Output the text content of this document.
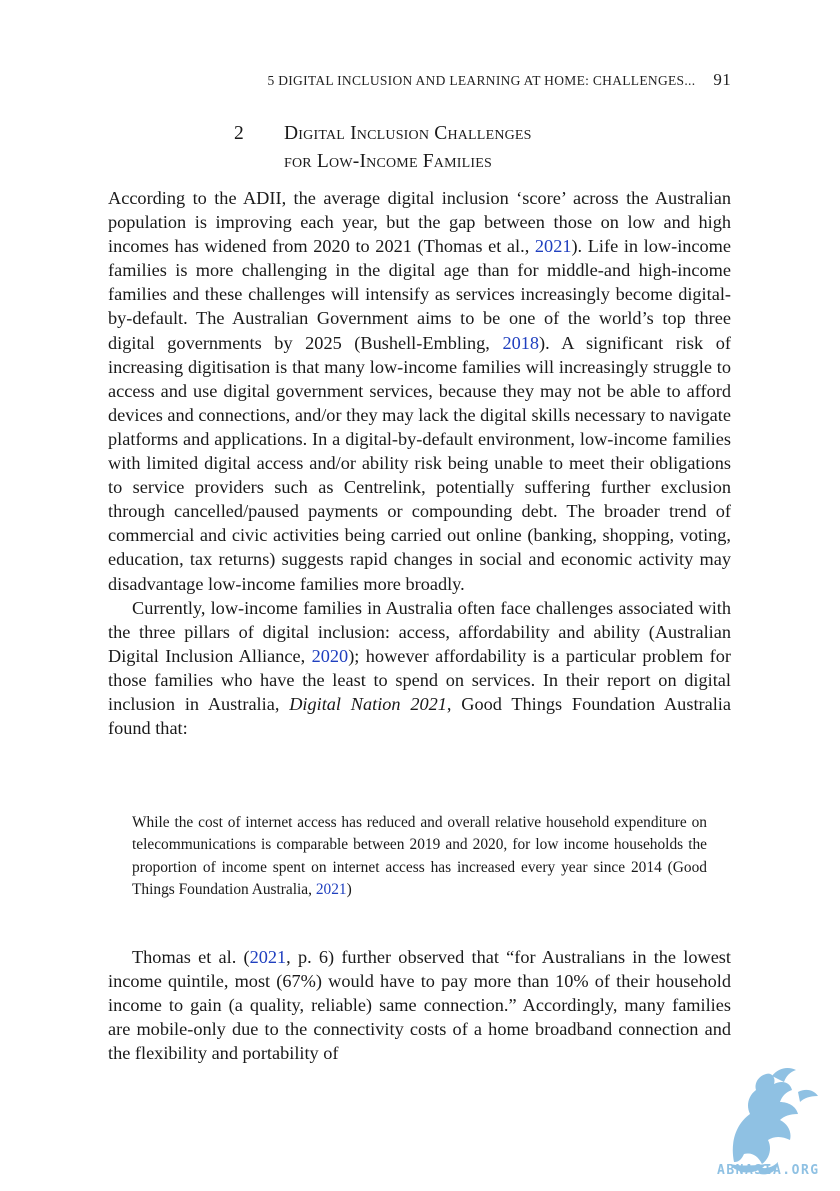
5 DIGITAL INCLUSION AND LEARNING AT HOME: CHALLENGES... 91
2 Digital Inclusion Challenges
for Low-Income Families

According to the ADII, the average digital inclusion ‘score’ across the Australian population is improving each year, but the gap between those on low and high incomes has widened from 2020 to 2021 (Thomas et al., 2021). Life in low-income families is more challenging in the digital age than for middle-and high-income families and these challenges will intensify as services increasingly become digital-by-default. The Australian Government aims to be one of the world’s top three digital governments by 2025 (Bushell-Embling, 2018). A significant risk of increasing digitisation is that many low-income families will increasingly struggle to access and use digital government services, because they may not be able to afford devices and connections, and/or they may lack the digital skills necessary to navigate platforms and applications. In a digital-by-default environment, low-income families with limited digital access and/or ability risk being unable to meet their obligations to service providers such as Centrelink, potentially suffering further exclusion through cancelled/paused payments or compounding debt. The broader trend of commercial and civic activities being carried out online (banking, shopping, voting, education, tax returns) suggests rapid changes in social and economic activity may disadvantage low-income families more broadly.

Currently, low-income families in Australia often face challenges associated with the three pillars of digital inclusion: access, affordability and ability (Australian Digital Inclusion Alliance, 2020); however affordability is a particular problem for those families who have the least to spend on services. In their report on digital inclusion in Australia, Digital Nation 2021, Good Things Foundation Australia found that:

While the cost of internet access has reduced and overall relative household expenditure on telecommunications is comparable between 2019 and 2020, for low income households the proportion of income spent on internet access has increased every year since 2014 (Good Things Foundation Australia, 2021)

Thomas et al. (2021, p. 6) further observed that “for Australians in the lowest income quintile, most (67%) would have to pay more than 10% of their household income to gain (a quality, reliable) same connection.” Accordingly, many families are mobile-only due to the connectivity costs of a home broadband connection and the flexibility and portability of

ABNASIA.ORG
